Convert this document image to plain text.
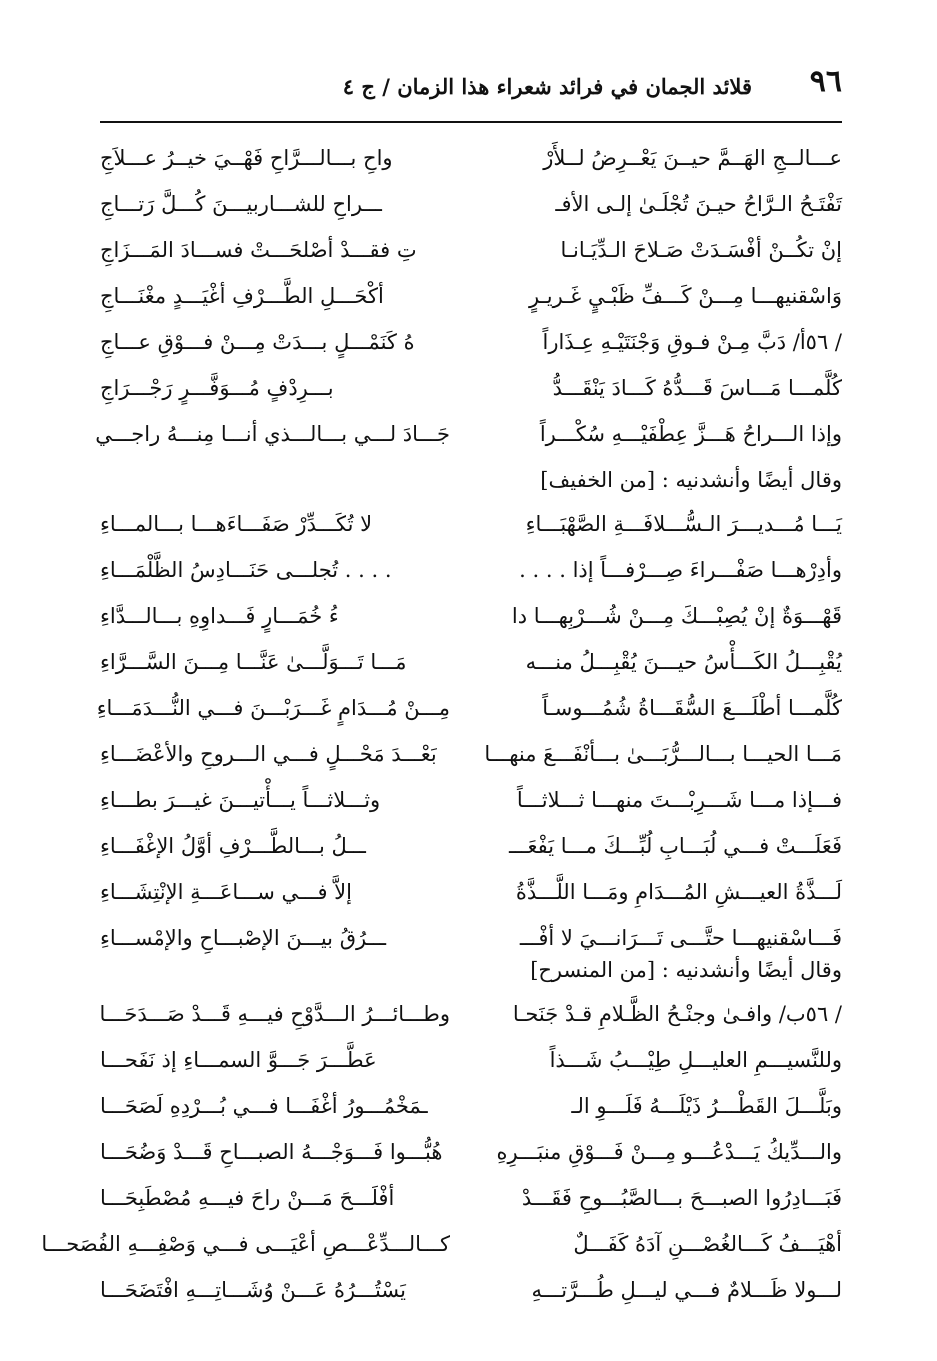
٩٦
قلائد الجمان في فرائد شعراء هذا الزمان / ج ٤
عـــالــجِ الهَــمَّ حيــنَ يَعْــرِضُ لــلأَرْ
واحِ بـــالـــرَّاحِ فَهْــيَ خيــرُ عـــلاَجِ
تَفْتَـحُ الـرَّاحُ حيـنَ تُجْلَـىٰ إلـى الأفـ
ـــراحِ للشـــاربيـــنَ كُـــلَّ رَتـــاجِ
إنْ تكُــنْ أفْسَـدَتْ صَـلاحَ الـدِّيَـانـا
تِ فقـــدْ أصْلحَـــتْ فســـادَ المَـــزَاجِ
وَاسْقنيهـــا مِـــنْ كَـــفِّ ظَبْـيٍ غَـريـرٍ
أكْحَـــلِ الطَّـــرْفِ أغْيَـــدٍ مغْنَـــاجِ
/ ٥٦أ/ دَبَّ مِـنْ فـوقِ وَجْنَتَيْـهِ عِـذَاراً
هُ كَنَمْـــلٍ بـــدَتْ مِـــنْ فـــوْقِ عـــاجِ
كُلَّمـــا مَـــاسَ قَـــدُّهُ كَـــادَ يَنْقَـــدُّ
بـــرِدْفٍ مُـــوَفَّـــرٍ رَجْـــرَاجِ
وإذا الـــراحُ هَـــزَّ عِطْفَيْـــهِ سُكْـــراً
جَـــادَ لـــي بـــالـــذي أنـــا مِنـــهُ راجـــي
وقال أيضًا وأنشدنيه : [من الخفيف]
يَـــا مُـــديـــرَ الـسُّـــلافَـــةِ الصَّهْبَـــاءِ
لا تُكَـــدِّرْ صَفَـــاءَهـــا بـــالمـــاءِ
وأدِرْهـــا صَفْـــراءَ صِـــرْفـــاً إذا . . . .
. . . . تُجلـــى حَنَـــادِسُ الظَّلْمَـــاءِ
قَهْـــوَةٌ إنْ يُصِبْـــكَ مِـــنْ شُـــرْبِهـــا دا
ءُ خُمَـــارٍ فَـــداوِهِ بـــالـــدَّاءِ
يُقْبِـــلُ الكَـــأْسُ حيـــنَ يُقْبِـــلُ منـــه
مَـــا تَـــوَلَّـــىٰ عَنَّـــا مِـــنَ السَّـــرَّاءِ
كُلَّمـــا أطْلَـــعَ السُّقَـــاةُ شُمُـــوسـاً
مِـــنْ مُـــدَامٍ غَـــرَبْـــنَ فـــي النُّـــدَمَـــاءِ
مَـــا الحيـــا بـــالـــرُّبَـــىٰ بـــأنْفَـــعَ منهـــا
بَعْـــدَ مَحْـــلٍ فـــي الـــروحِ والأعْضَـــاءِ
فـــإذا مـــا شَـــرِبْـــتَ منهـــا ثـــلاثـــاً
وثـــلاثـــاً يـــأْتيـــنَ غيـــرَ بطـــاءِ
فَعَلَـــتْ فـــي لُبَـــابِ لُبِّـــكَ مـــا يَفْعَـــ
ـــلُ بـــالطَّـــرْفِ أوَّلُ الإغْفَـــاءِ
لَـــذَّةُ العيـــشِ المُـــدَامِ ومَـــا اللَّـــذَّةُ
إلاَّ فـــي ســـاعَـــةِ الإنْتِشَـــاءِ
فَـــاسْقنيهـــا حتَّـــى تَـــرَانـــيَ لا أفْـــ
ـــرُقُ بيـــنَ الإصْبـــاحِ والإمْســـاءِ
وقال أيضًا وأنشدنيه : [من المنسرح]
/ ٥٦ب/ وافـىٰ وجنْـحُ الظَّـلامِ قـدْ جَنَحـا
وطـــائـــرُ الـــدَّوْحِ فيـــهِ قَـــدْ صَـــدَحَـــا
وللنَّسيـــمِ العليـــلِ طِيْـــبُ شَـــذاً
عَطَّـــرَ جَـــوَّ السمـــاءِ إذ نَفَحـــا
وبَلَّـــلَ القَطْـــرُ ذَيْلَـــهُ فَلَـــوِ الـ
ـمَخْمُـــورُ أغْفَـــا فـــي بُـــرْدِهِ لَصَحَـــا
والـــدِّيكُ يَـــدْعُـــو مِـــنْ فَـــوْقِ منبَـــرِهِ
هُبُّـــوا فَـــوَجْـــهُ الصبـــاحِ قَـــدْ وَضُحَـــا
فَبَـــادِرُوا الصبـــحَ بـــالصَّبُـــوحِ فَقَـــدْ
أفْلَـــحَ مَـــنْ راحَ فيـــهِ مُصْطَبِحَـــا
أهْيَـــفُ كَـــالغُصْـــنِ آدَهُ كَفَـــلٌ
كـــالـــدِّعْـــصِ أعْيَـــى فـــي وَصْفِـــهِ الفُصَحـــا
لـــولا ظَـــلامٌ فـــي ليـــلِ طُـــرَّتـــهِ
يَسْتُـــرُهُ عَـــنْ وُشَـــاتِـــهِ افْتَضَحَـــا
